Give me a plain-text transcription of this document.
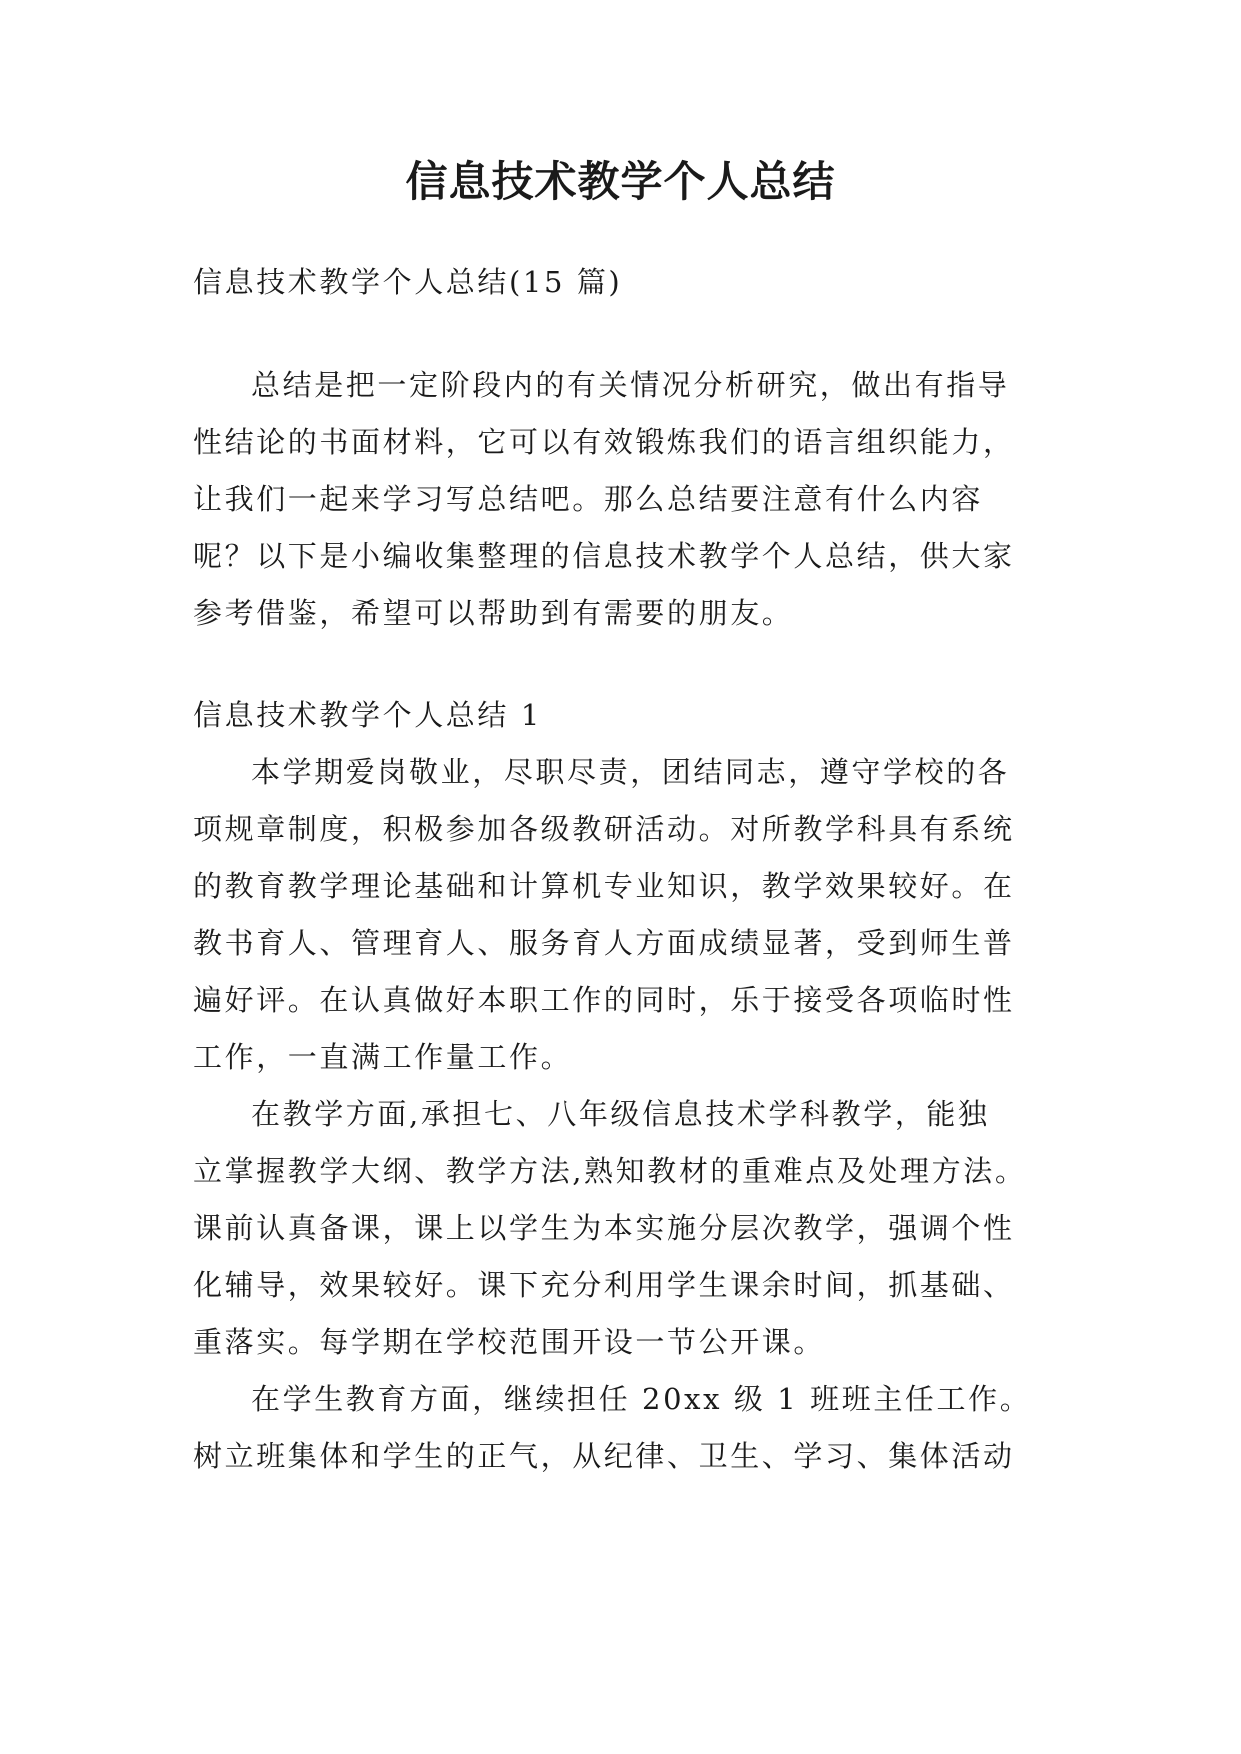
信息技术教学个人总结
信息技术教学个人总结(15 篇)
总结是把一定阶段内的有关情况分析研究，做出有指导
性结论的书面材料，它可以有效锻炼我们的语言组织能力，
让我们一起来学习写总结吧。那么总结要注意有什么内容
呢？以下是小编收集整理的信息技术教学个人总结，供大家
参考借鉴，希望可以帮助到有需要的朋友。
信息技术教学个人总结 1
本学期爱岗敬业，尽职尽责，团结同志，遵守学校的各
项规章制度，积极参加各级教研活动。对所教学科具有系统
的教育教学理论基础和计算机专业知识，教学效果较好。在
教书育人、管理育人、服务育人方面成绩显著，受到师生普
遍好评。在认真做好本职工作的同时，乐于接受各项临时性
工作，一直满工作量工作。
在教学方面,承担七、八年级信息技术学科教学，能独
立掌握教学大纲、教学方法,熟知教材的重难点及处理方法。
课前认真备课，课上以学生为本实施分层次教学，强调个性
化辅导，效果较好。课下充分利用学生课余时间，抓基础、
重落实。每学期在学校范围开设一节公开课。
在学生教育方面，继续担任 20xx 级 1 班班主任工作。
树立班集体和学生的正气，从纪律、卫生、学习、集体活动
